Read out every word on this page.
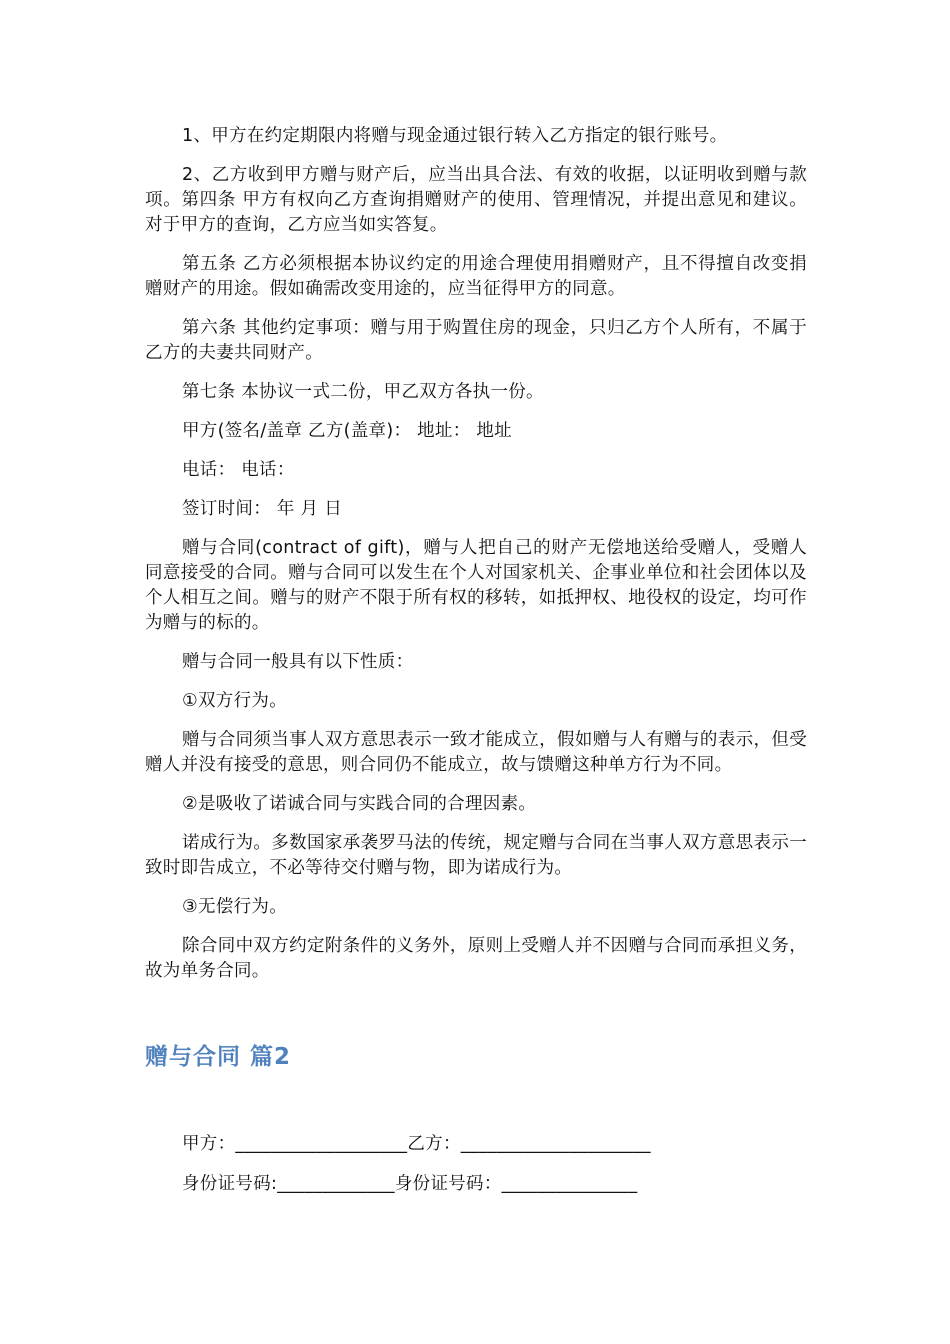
1、甲方在约定期限内将赠与现金通过银行转入乙方指定的银行账号。

2、乙方收到甲方赠与财产后，应当出具合法、有效的收据，以证明收到赠与款项。第四条 甲方有权向乙方查询捐赠财产的使用、管理情况，并提出意见和建议。对于甲方的查询，乙方应当如实答复。

第五条 乙方必须根据本协议约定的用途合理使用捐赠财产，且不得擅自改变捐赠财产的用途。假如确需改变用途的，应当征得甲方的同意。

第六条 其他约定事项：赠与用于购置住房的现金，只归乙方个人所有，不属于乙方的夫妻共同财产。

第七条 本协议一式二份，甲乙双方各执一份。

甲方(签名/盖章 乙方(盖章)： 地址： 地址

电话： 电话：

签订时间： 年 月 日

赠与合同(contract of gift)，赠与人把自己的财产无偿地送给受赠人，受赠人同意接受的合同。赠与合同可以发生在个人对国家机关、企事业单位和社会团体以及个人相互之间。赠与的财产不限于所有权的移转，如抵押权、地役权的设定，均可作为赠与的标的。

赠与合同一般具有以下性质：

①双方行为。

赠与合同须当事人双方意思表示一致才能成立，假如赠与人有赠与的表示，但受赠人并没有接受的意思，则合同仍不能成立，故与馈赠这种单方行为不同。

②是吸收了诺诚合同与实践合同的合理因素。

诺成行为。多数国家承袭罗马法的传统，规定赠与合同在当事人双方意思表示一致时即告成立，不必等待交付赠与物，即为诺成行为。

③无偿行为。

除合同中双方约定附条件的义务外，原则上受赠人并不因赠与合同而承担义务，故为单务合同。

赠与合同 篇2
甲方：___________________乙方：_____________________
身份证号码:_____________身份证号码：_______________
